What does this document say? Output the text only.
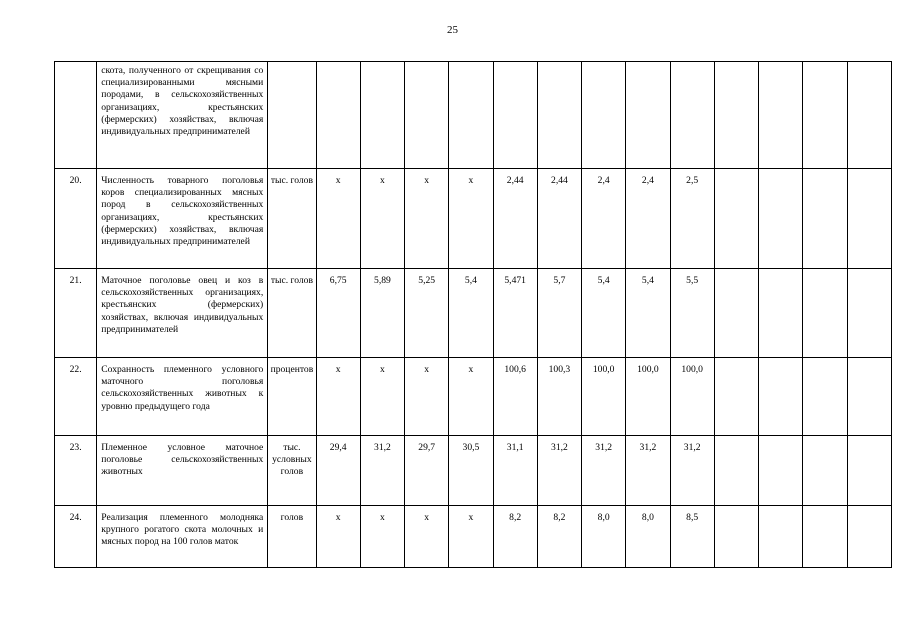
25
	скота, полученного от скрещивания со специализированными мясными породами, в сельскохозяйственных организациях, крестьянских (фермерских) хозяйствах, включая индивидуальных предпринимателей														
20.	Численность товарного поголовья коров специализированных мясных пород в сельскохозяйственных организациях, крестьянских (фермерских) хозяйствах, включая индивидуальных предпринимателей	тыс. голов	х	х	х	х	2,44	2,44	2,4	2,4	2,5				
21.	Маточное поголовье овец и коз в сельскохозяйственных организациях, крестьянских (фермерских) хозяйствах, включая индивидуальных предпринимателей	тыс. голов	6,75	5,89	5,25	5,4	5,471	5,7	5,4	5,4	5,5				
22.	Сохранность племенного условного маточного поголовья сельскохозяйственных животных к уровню предыдущего года	процентов	х	х	х	х	100,6	100,3	100,0	100,0	100,0				
23.	Племенное условное маточное поголовье сельскохозяйственных животных	тыс. условных голов	29,4	31,2	29,7	30,5	31,1	31,2	31,2	31,2	31,2				
24.	Реализация племенного молодняка крупного рогатого скота молочных и мясных пород на 100 голов маток	голов	х	х	х	х	8,2	8,2	8,0	8,0	8,5				
